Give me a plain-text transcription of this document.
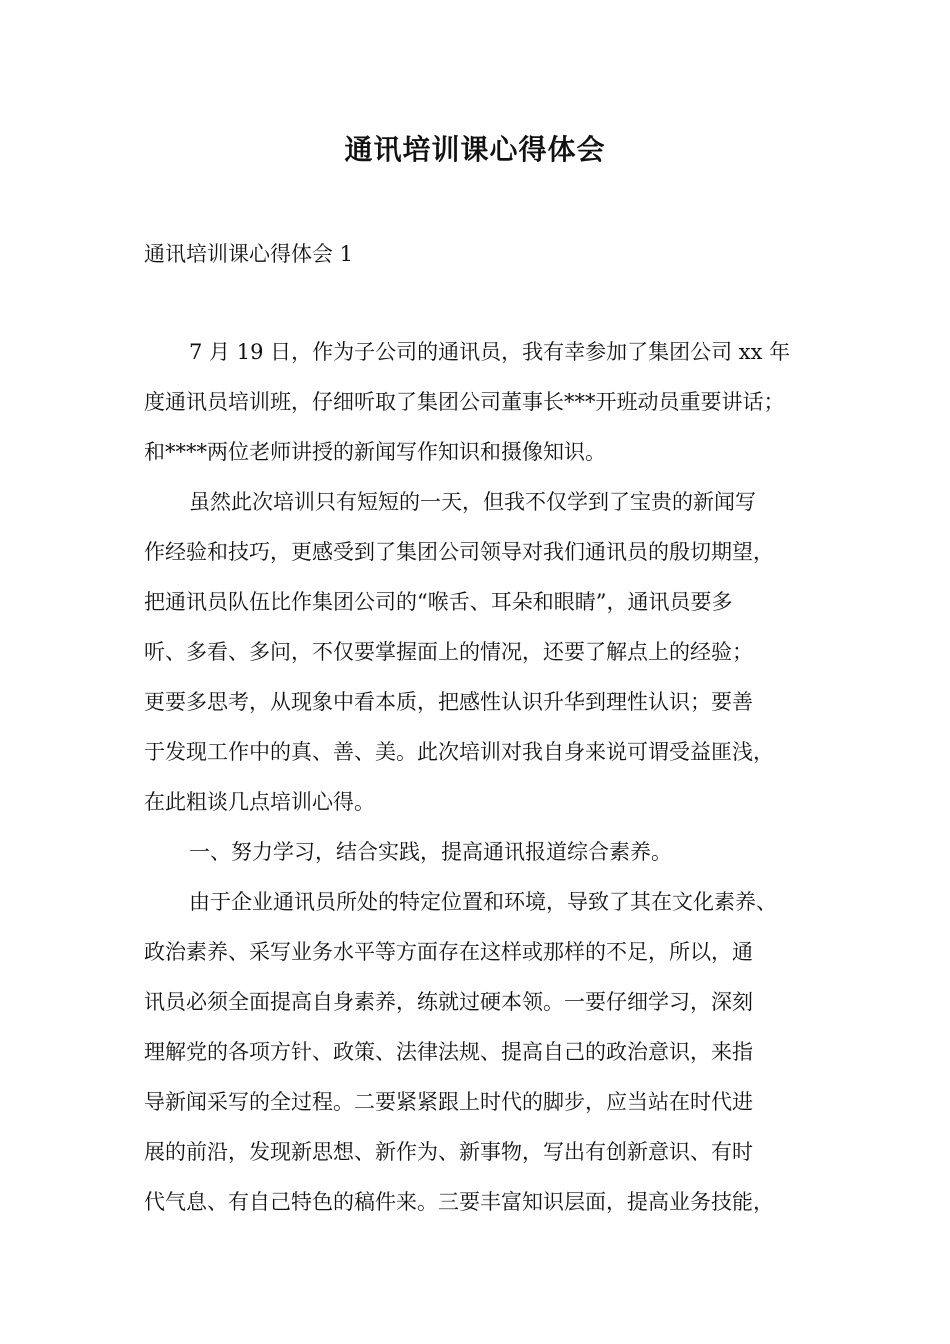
通讯培训课心得体会
通讯培训课心得体会 1
7 月 19 日，作为子公司的通讯员，我有幸参加了集团公司 xx 年
度通讯员培训班，仔细听取了集团公司董事长***开班动员重要讲话；
和****两位老师讲授的新闻写作知识和摄像知识。
虽然此次培训只有短短的一天，但我不仅学到了宝贵的新闻写
作经验和技巧，更感受到了集团公司领导对我们通讯员的殷切期望，
把通讯员队伍比作集团公司的“喉舌、耳朵和眼睛”，通讯员要多
听、多看、多问，不仅要掌握面上的情况，还要了解点上的经验；
更要多思考，从现象中看本质，把感性认识升华到理性认识；要善
于发现工作中的真、善、美。此次培训对我自身来说可谓受益匪浅，
在此粗谈几点培训心得。
一、努力学习，结合实践，提高通讯报道综合素养。
由于企业通讯员所处的特定位置和环境，导致了其在文化素养、
政治素养、采写业务水平等方面存在这样或那样的不足，所以，通
讯员必须全面提高自身素养，练就过硬本领。一要仔细学习，深刻
理解党的各项方针、政策、法律法规、提高自己的政治意识，来指
导新闻采写的全过程。二要紧紧跟上时代的脚步，应当站在时代进
展的前沿，发现新思想、新作为、新事物，写出有创新意识、有时
代气息、有自己特色的稿件来。三要丰富知识层面，提高业务技能，
